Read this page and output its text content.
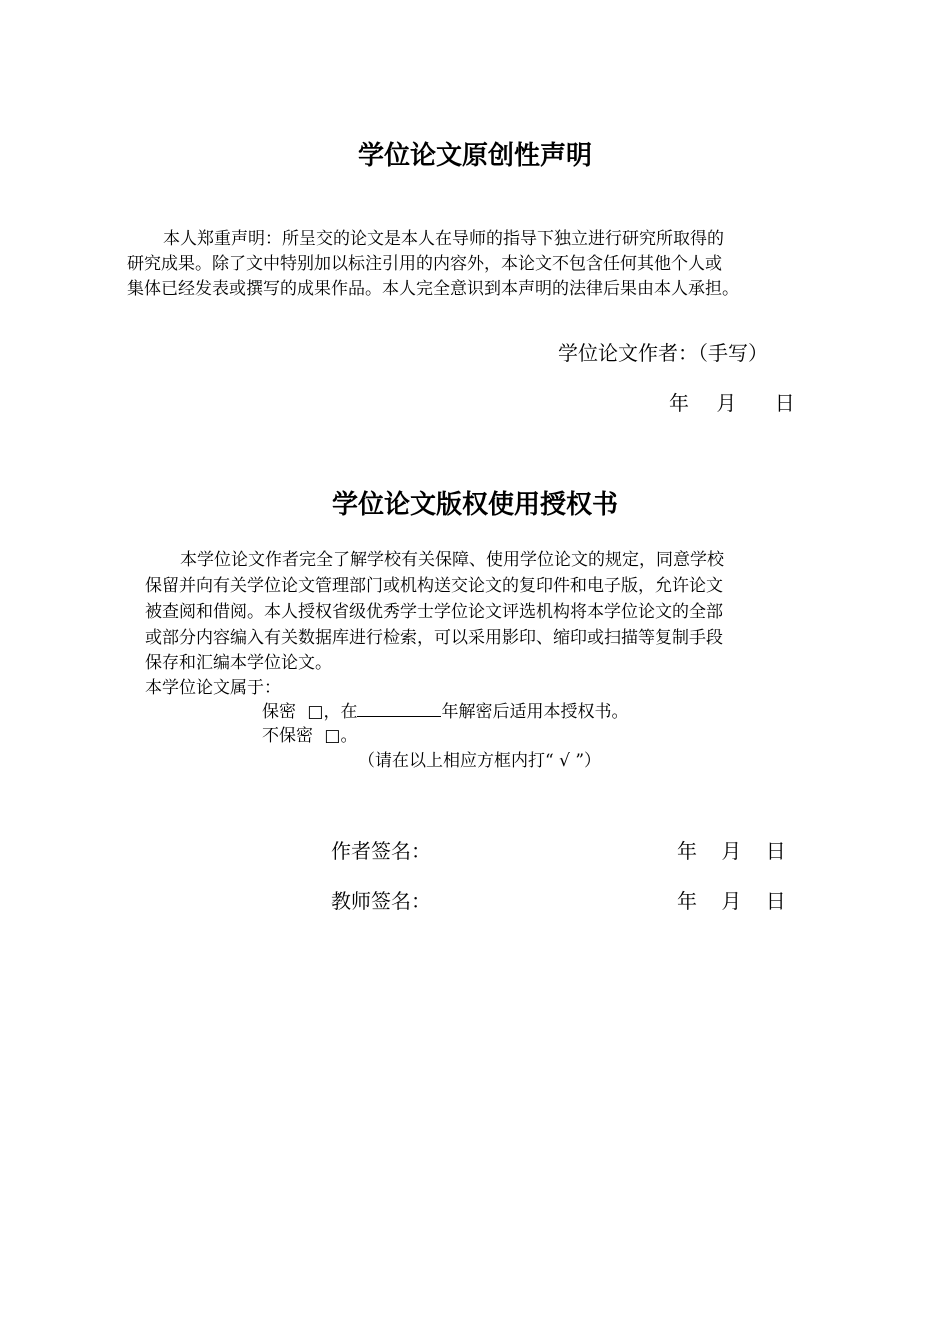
学位论文原创性声明
本人郑重声明：所呈交的论文是本人在导师的指导下独立进行研究所取得的
研究成果。除了文中特别加以标注引用的内容外，本论文不包含任何其他个人或
集体已经发表或撰写的成果作品。本人完全意识到本声明的法律后果由本人承担。
学位论文作者：（手写）
年 月 日
学位论文版权使用授权书
本学位论文作者完全了解学校有关保障、使用学位论文的规定，同意学校
保留并向有关学位论文管理部门或机构送交论文的复印件和电子版，允许论文
被查阅和借阅。本人授权省级优秀学士学位论文评选机构将本学位论文的全部
或部分内容编入有关数据库进行检索，可以采用影印、缩印或扫描等复制手段
保存和汇编本学位论文。
本学位论文属于：
保密 □，在	年解密后适用本授权书。
不保密 □。
（请在以上相应方框内打“ √ ”）
作者签名：	年 月 日
教师签名：	年 月 日
